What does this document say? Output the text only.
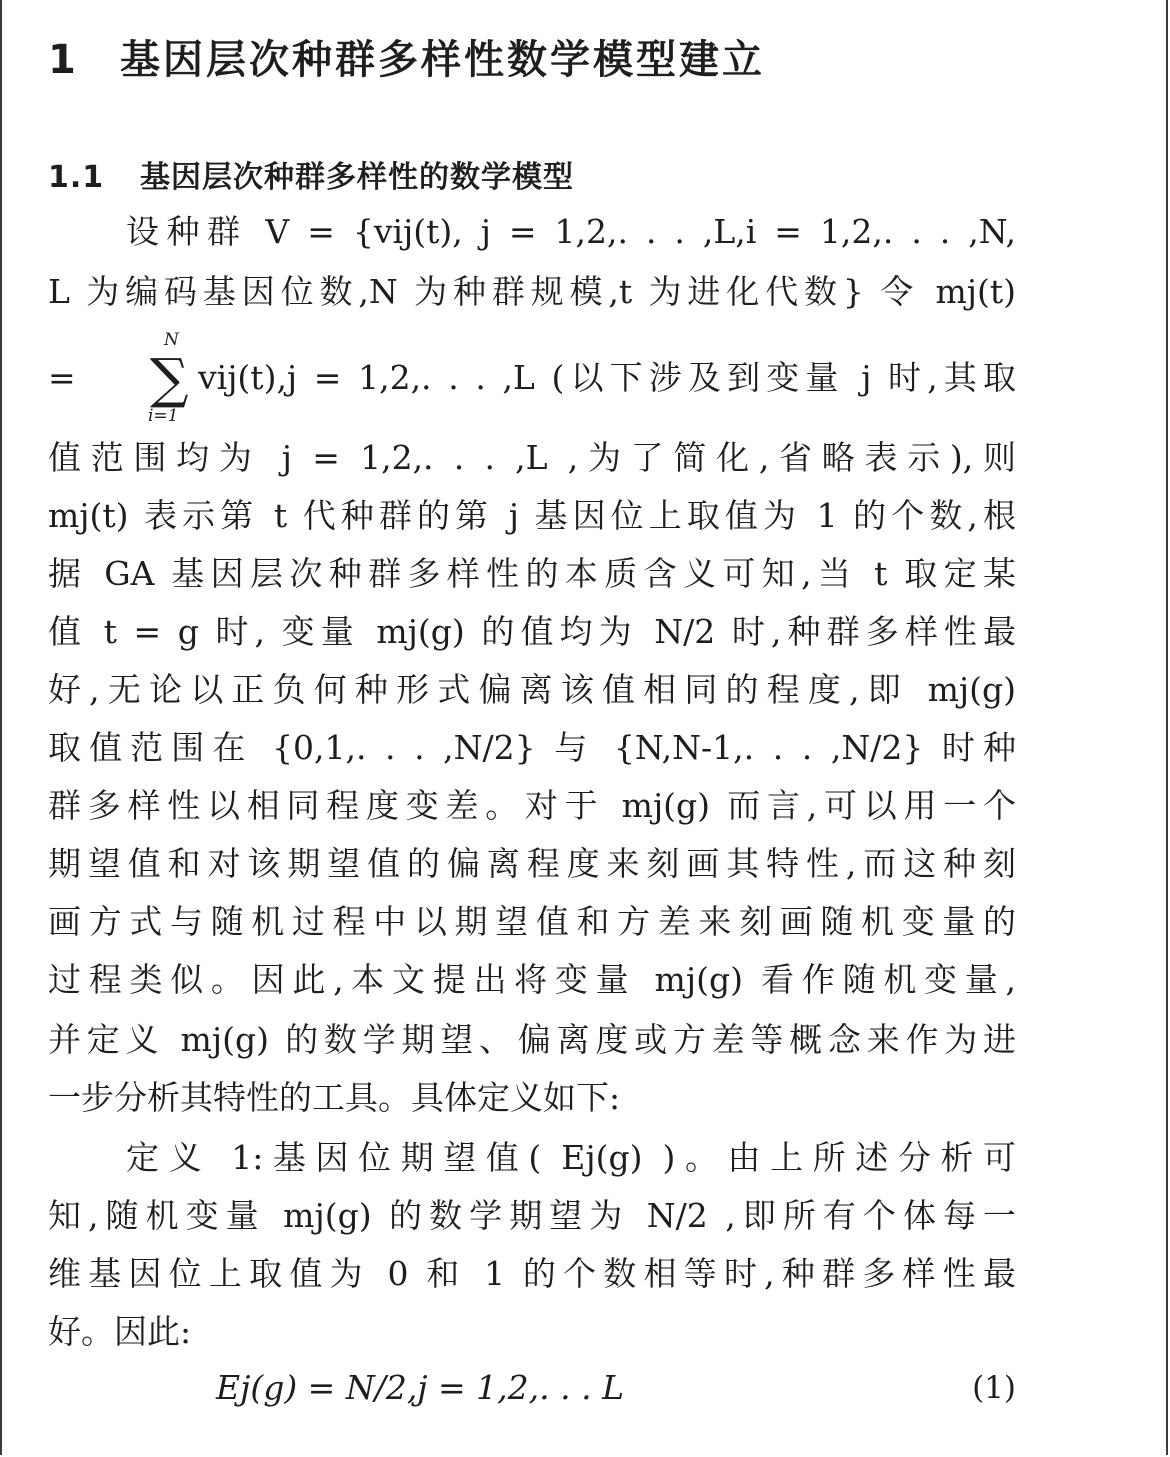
1 基因层次种群多样性数学模型建立
1.1 基因层次种群多样性的数学模型
设种群 V = {vij(t), j = 1,2,. . . ,L,i = 1,2,. . . ,N,
L 为编码基因位数,N 为种群规模,t 为进化代数} 令 mj(t)
N
∑
i=1
=	vij(t),j = 1,2,. . . ,L (以下涉及到变量 j 时,其取
值范围均为 j = 1,2,. . . ,L ,为了简化,省略表示),则
mj(t) 表示第 t 代种群的第 j 基因位上取值为 1 的个数,根
据 GA 基因层次种群多样性的本质含义可知,当 t 取定某
值 t = g 时, 变量 mj(g) 的值均为 N/2 时,种群多样性最
好,无论以正负何种形式偏离该值相同的程度,即 mj(g)
取值范围在 {0,1,. . . ,N/2} 与 {N,N-1,. . . ,N/2} 时种
群多样性以相同程度变差。对于 mj(g) 而言,可以用一个
期望值和对该期望值的偏离程度来刻画其特性,而这种刻
画方式与随机过程中以期望值和方差来刻画随机变量的
过程类似。因此,本文提出将变量 mj(g) 看作随机变量,
并定义 mj(g) 的数学期望、偏离度或方差等概念来作为进
一步分析其特性的工具。具体定义如下:
定义 1:基因位期望值( Ej(g) )。由上所述分析可
知,随机变量 mj(g) 的数学期望为 N/2 ,即所有个体每一
维基因位上取值为 0 和 1 的个数相等时,种群多样性最
好。因此:
Ej(g) = N/2,j = 1,2,. . . L	(1)
